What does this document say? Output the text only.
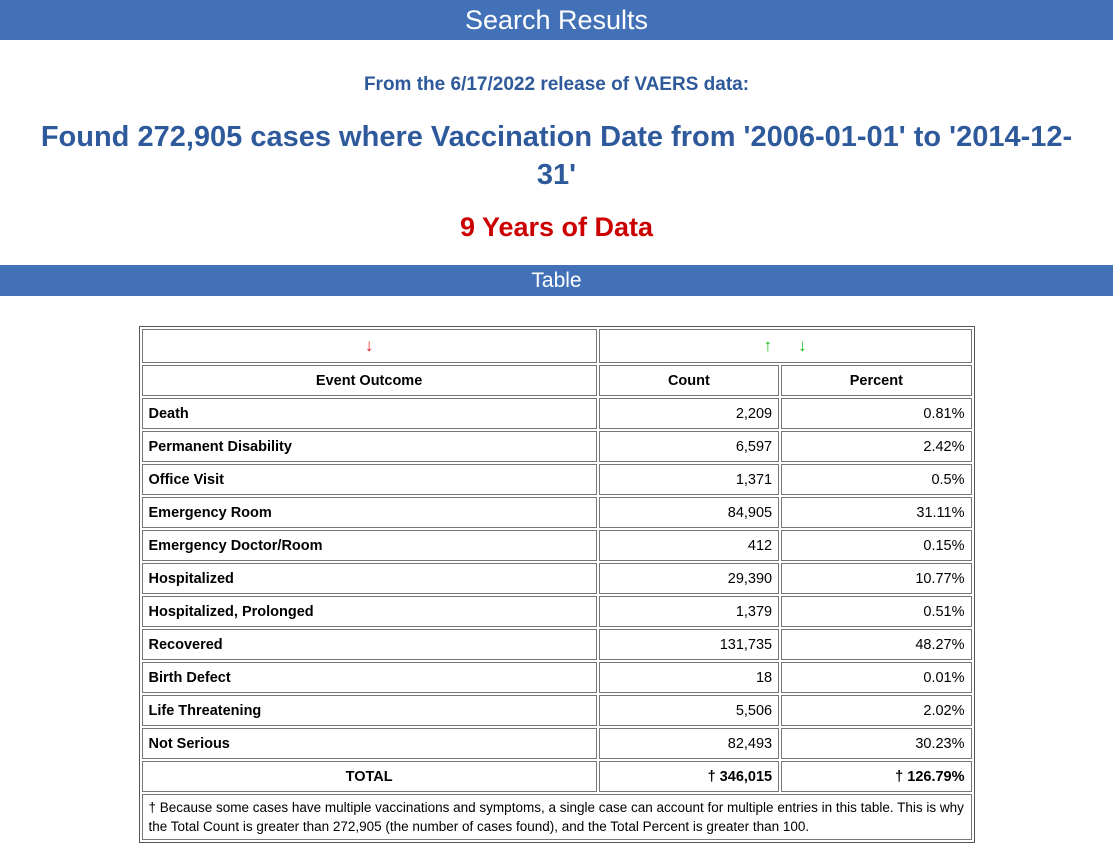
Search Results
From the 6/17/2022 release of VAERS data:
Found 272,905 cases where Vaccination Date from '2006-01-01' to '2014-12-31'
9 Years of Data
Table
↓	↑ ↓	
Event Outcome	Count	Percent
Death	2,209	0.81%
Permanent Disability	6,597	2.42%
Office Visit	1,371	0.5%
Emergency Room	84,905	31.11%
Emergency Doctor/Room	412	0.15%
Hospitalized	29,390	10.77%
Hospitalized, Prolonged	1,379	0.51%
Recovered	131,735	48.27%
Birth Defect	18	0.01%
Life Threatening	5,506	2.02%
Not Serious	82,493	30.23%
TOTAL	† 346,015	† 126.79%
† Because some cases have multiple vaccinations and symptoms, a single case can account for multiple entries in this table. This is why the Total Count is greater than 272,905 (the number of cases found), and the Total Percent is greater than 100.		
